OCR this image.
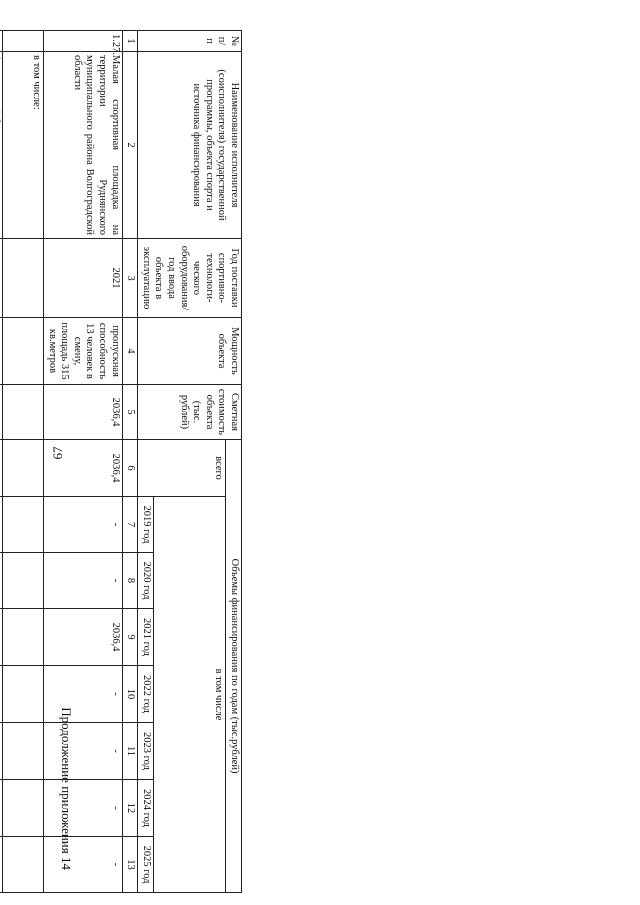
67
Продолжение приложения 14
№ п/п	Наименование исполнителя (соисполнителя) государственной программы, объекта спорта и источника финансирования	Год поставки спортивно-технологи-ческого оборудования/ год ввода объекта в эксплуатацию	Мощность объекта	Сметная стоимость объекта (тыс. рублей)	Объемы финансирования по годам (тыс.рублей)							
					всего	в том числе						
						2019 год	2020 год	2021 год	2022 год	2023 год	2024 год	2025 год
1	2	3	4	5	6	7	8	9	10	11	12	13
1.27.	Малая спортивная площадка на территории Руднянского муниципального района Волгоградской области	2021	пропускная способность 13 человек в смену, площадь 315 кв.метров	2036,4	2036,4	-	-	2036,4	-	-	-	-
	в том числе:											
